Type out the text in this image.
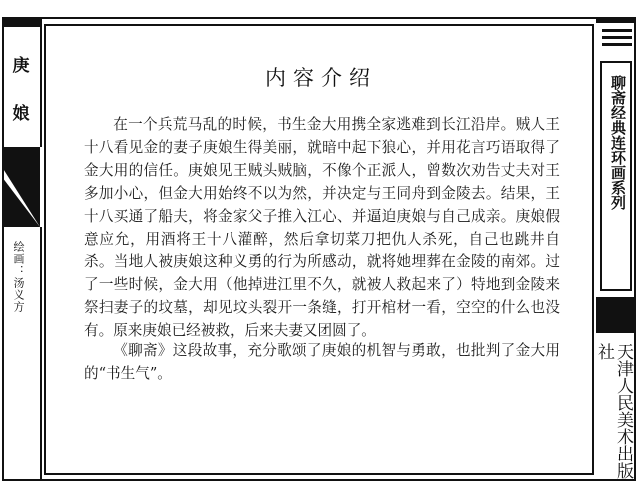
庚
娘
绘画：汤义方
内容介绍

在一个兵荒马乱的时候，书生金大用携全家逃难到长江沿岸。贼人王十八看见金的妻子庚娘生得美丽，就暗中起下狼心，并用花言巧语取得了金大用的信任。庚娘见王贼头贼脑，不像个正派人，曾数次劝告丈夫对王多加小心，但金大用始终不以为然，并决定与王同舟到金陵去。结果，王十八买通了船夫，将金家父子推入江心、并逼迫庚娘与自己成亲。庚娘假意应允，用酒将王十八灌醉，然后拿切菜刀把仇人杀死，自己也跳井自杀。当地人被庚娘这种义勇的行为所感动，就将她埋葬在金陵的南郊。过了一些时候，金大用（他掉进江里不久，就被人救起来了）特地到金陵来祭扫妻子的坟墓，却见坟头裂开一条缝，打开棺材一看，空空的什么也没有。原来庚娘已经被救，后来夫妻又团圆了。

《聊斋》这段故事，充分歌颂了庚娘的机智与勇敢，也批判了金大用的“书生气”。

聊斋经典连环画系列
天津人民美术出版社
